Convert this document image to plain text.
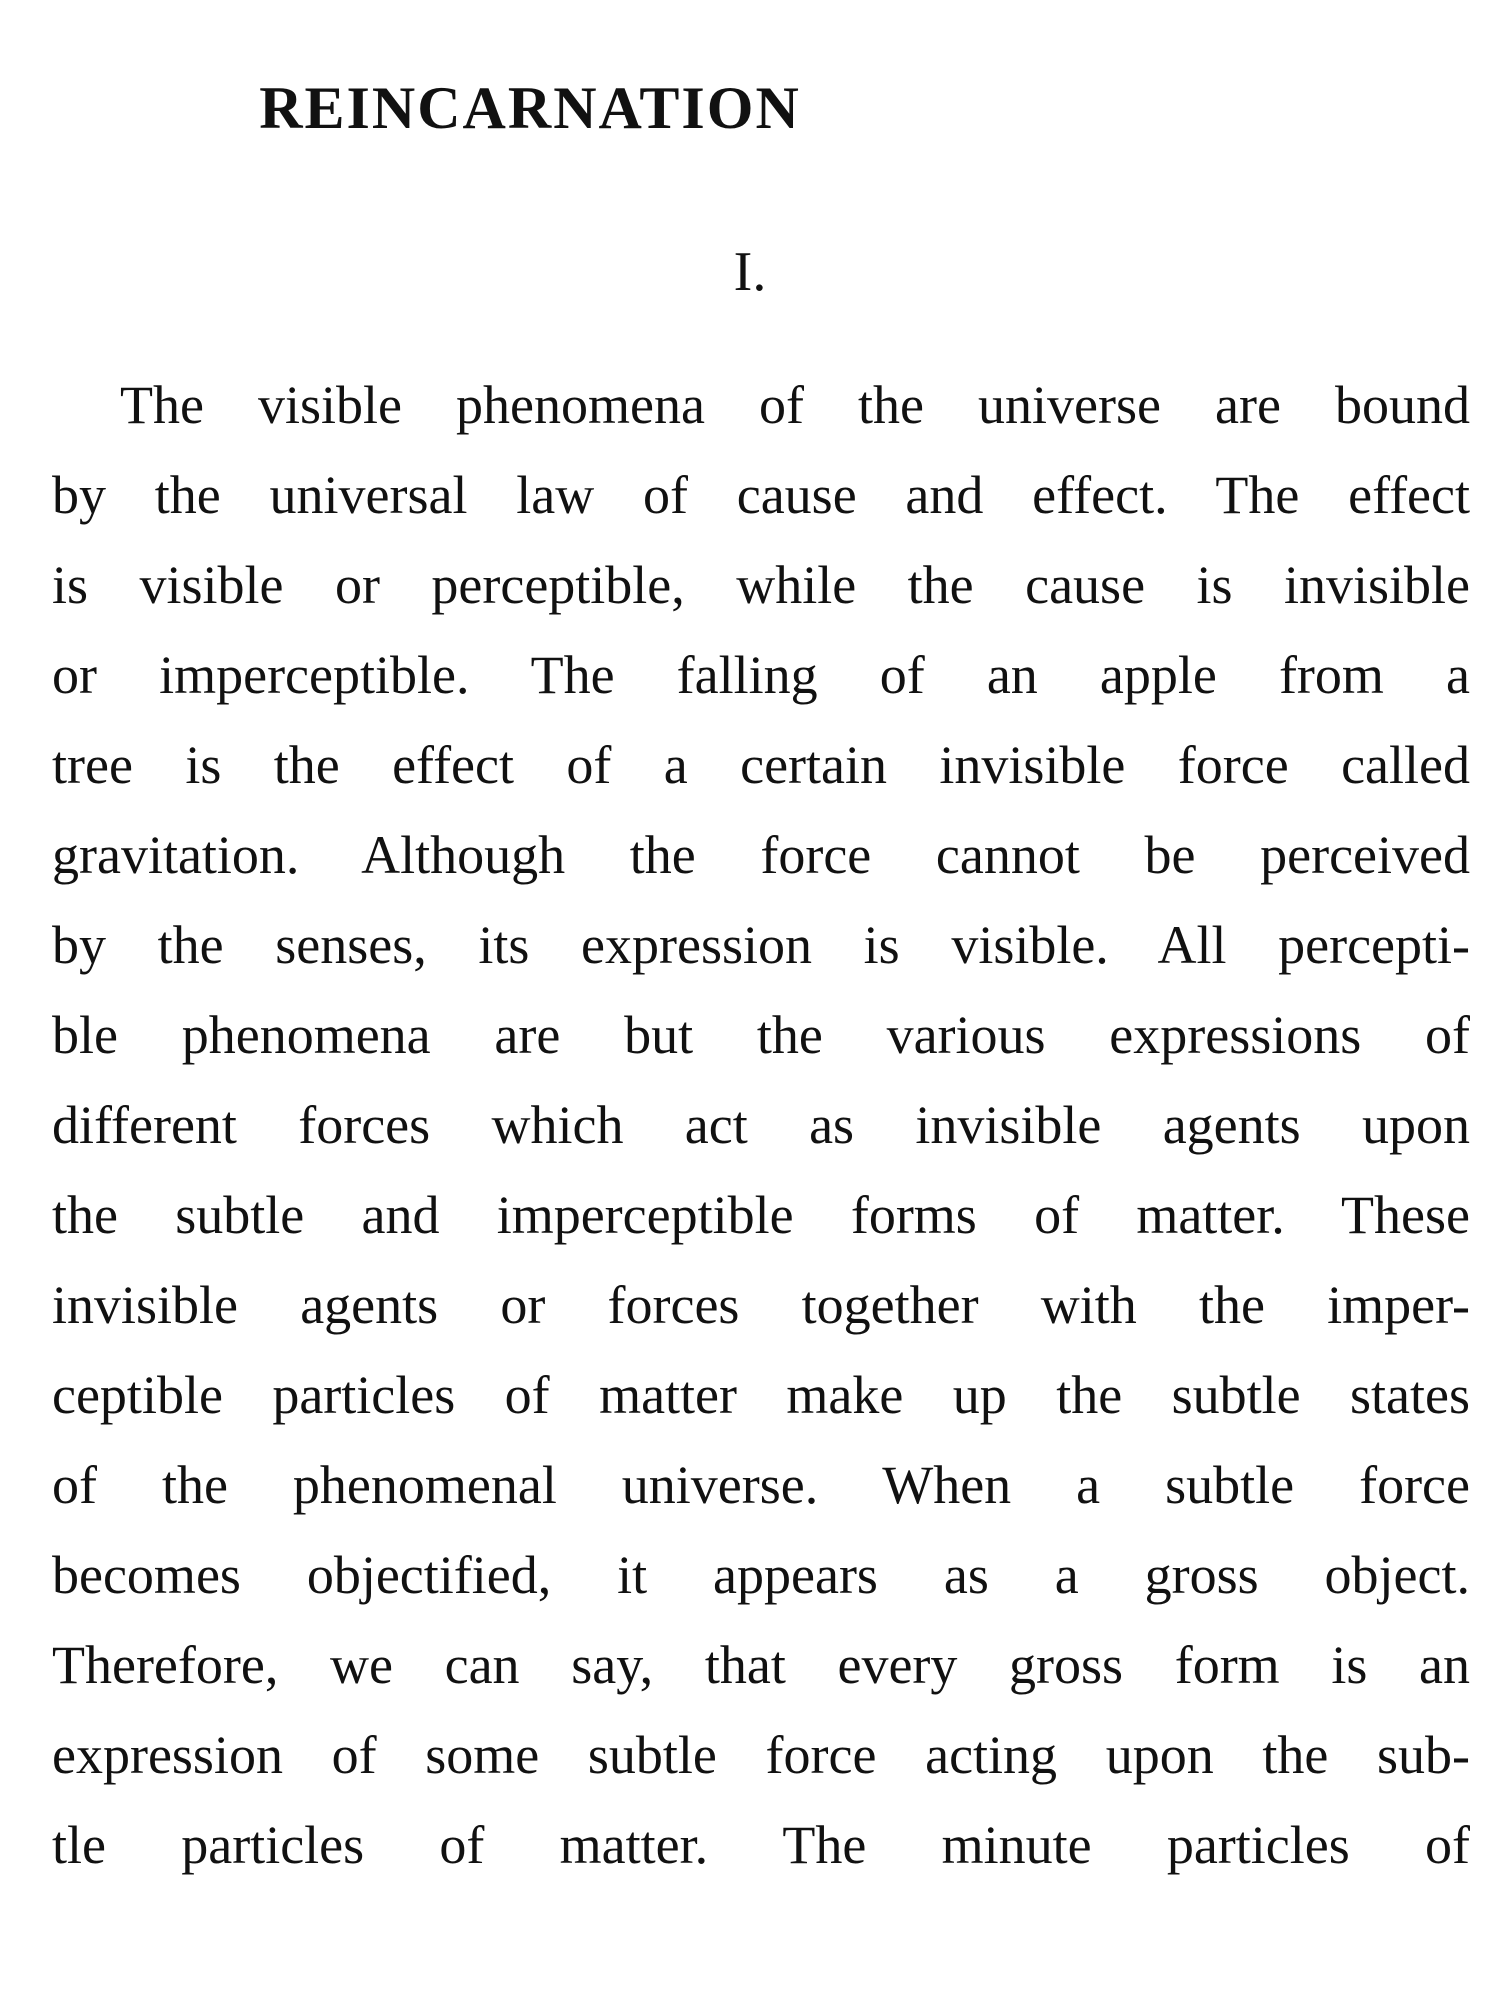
REINCARNATION
I.
The visible phenomena of the universe are bound
by the universal law of cause and effect. The effect
is visible or perceptible, while the cause is invisible
or imperceptible. The falling of an apple from a
tree is the effect of a certain invisible force called
gravitation. Although the force cannot be perceived
by the senses, its expression is visible. All percepti-
ble phenomena are but the various expressions of
different forces which act as invisible agents upon
the subtle and imperceptible forms of matter. These
invisible agents or forces together with the imper-
ceptible particles of matter make up the subtle states
of the phenomenal universe. When a subtle force
becomes objectified, it appears as a gross object.
Therefore, we can say, that every gross form is an
expression of some subtle force acting upon the sub-
tle particles of matter. The minute particles of
